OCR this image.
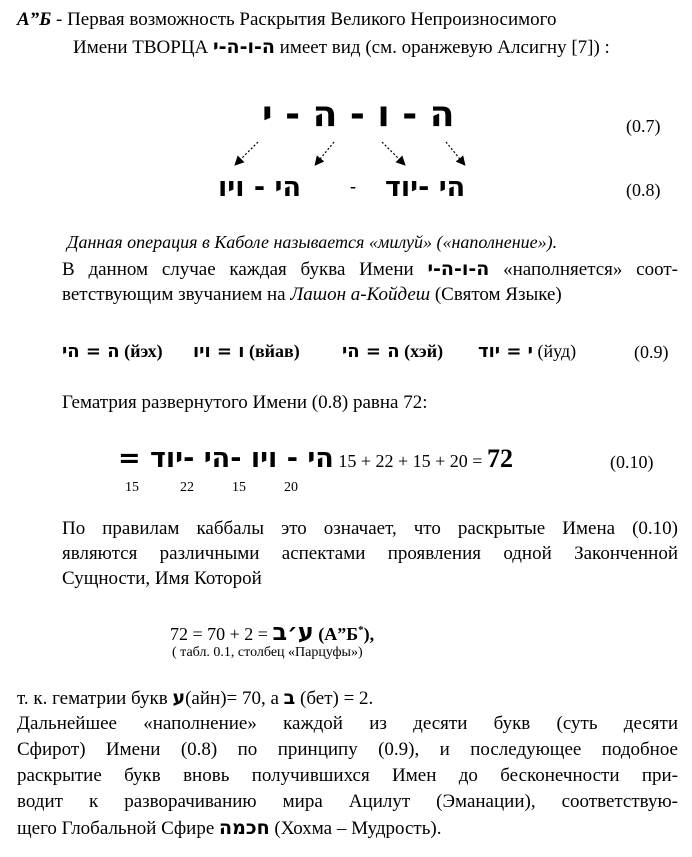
А”Б - Первая возможность Раскрытия Великого Непроизносимого
Имени ТВОРЦА ה-ו-ה-י имеет вид (см. оранжевую Алсигну [7]) :
ה - ו - ה - י	(0.7)
הי - ויו	- הי -יוד	(0.8)
Данная операция в Каболе называется «милуй» («наполнение»).
В данном случае каждая буква Имени ה-ו-ה-י «наполняется» соот-
ветствующим звучанием на Лашон а-Койдеш (Святом Языке)
ה = הי (йэх) ו = ויו (вйав) ה = הי (хэй) י = יוד (йуд)	(0.9)
Гематрия развернутого Имени (0.8) равна 72:
הי - ויו -הי -יוד = 15 + 22 + 15 + 20 = 72	(0.10)
15	22	15	20
По правилам каббалы это означает, что раскрытые Имена (0.10)
являются различными аспектами проявления одной Законченной
Сущности, Имя Которой
72 = 70 + 2 = ע׳ב (А”Б*),
( табл. 0.1, столбец «Парцуфы»)
т. к. гематрии букв ע(айн)= 70, а ב (бет) = 2.
Дальнейшее «наполнение» каждой из десяти букв (суть десяти
Сфирот) Имени (0.8) по принципу (0.9), и последующее подобное
раскрытие букв вновь получившихся Имен до бесконечности при-
водит к разворачиванию мира Ацилут (Эманации), соответствую-
щего Глобальной Сфире חכמה (Хохма – Мудрость).
